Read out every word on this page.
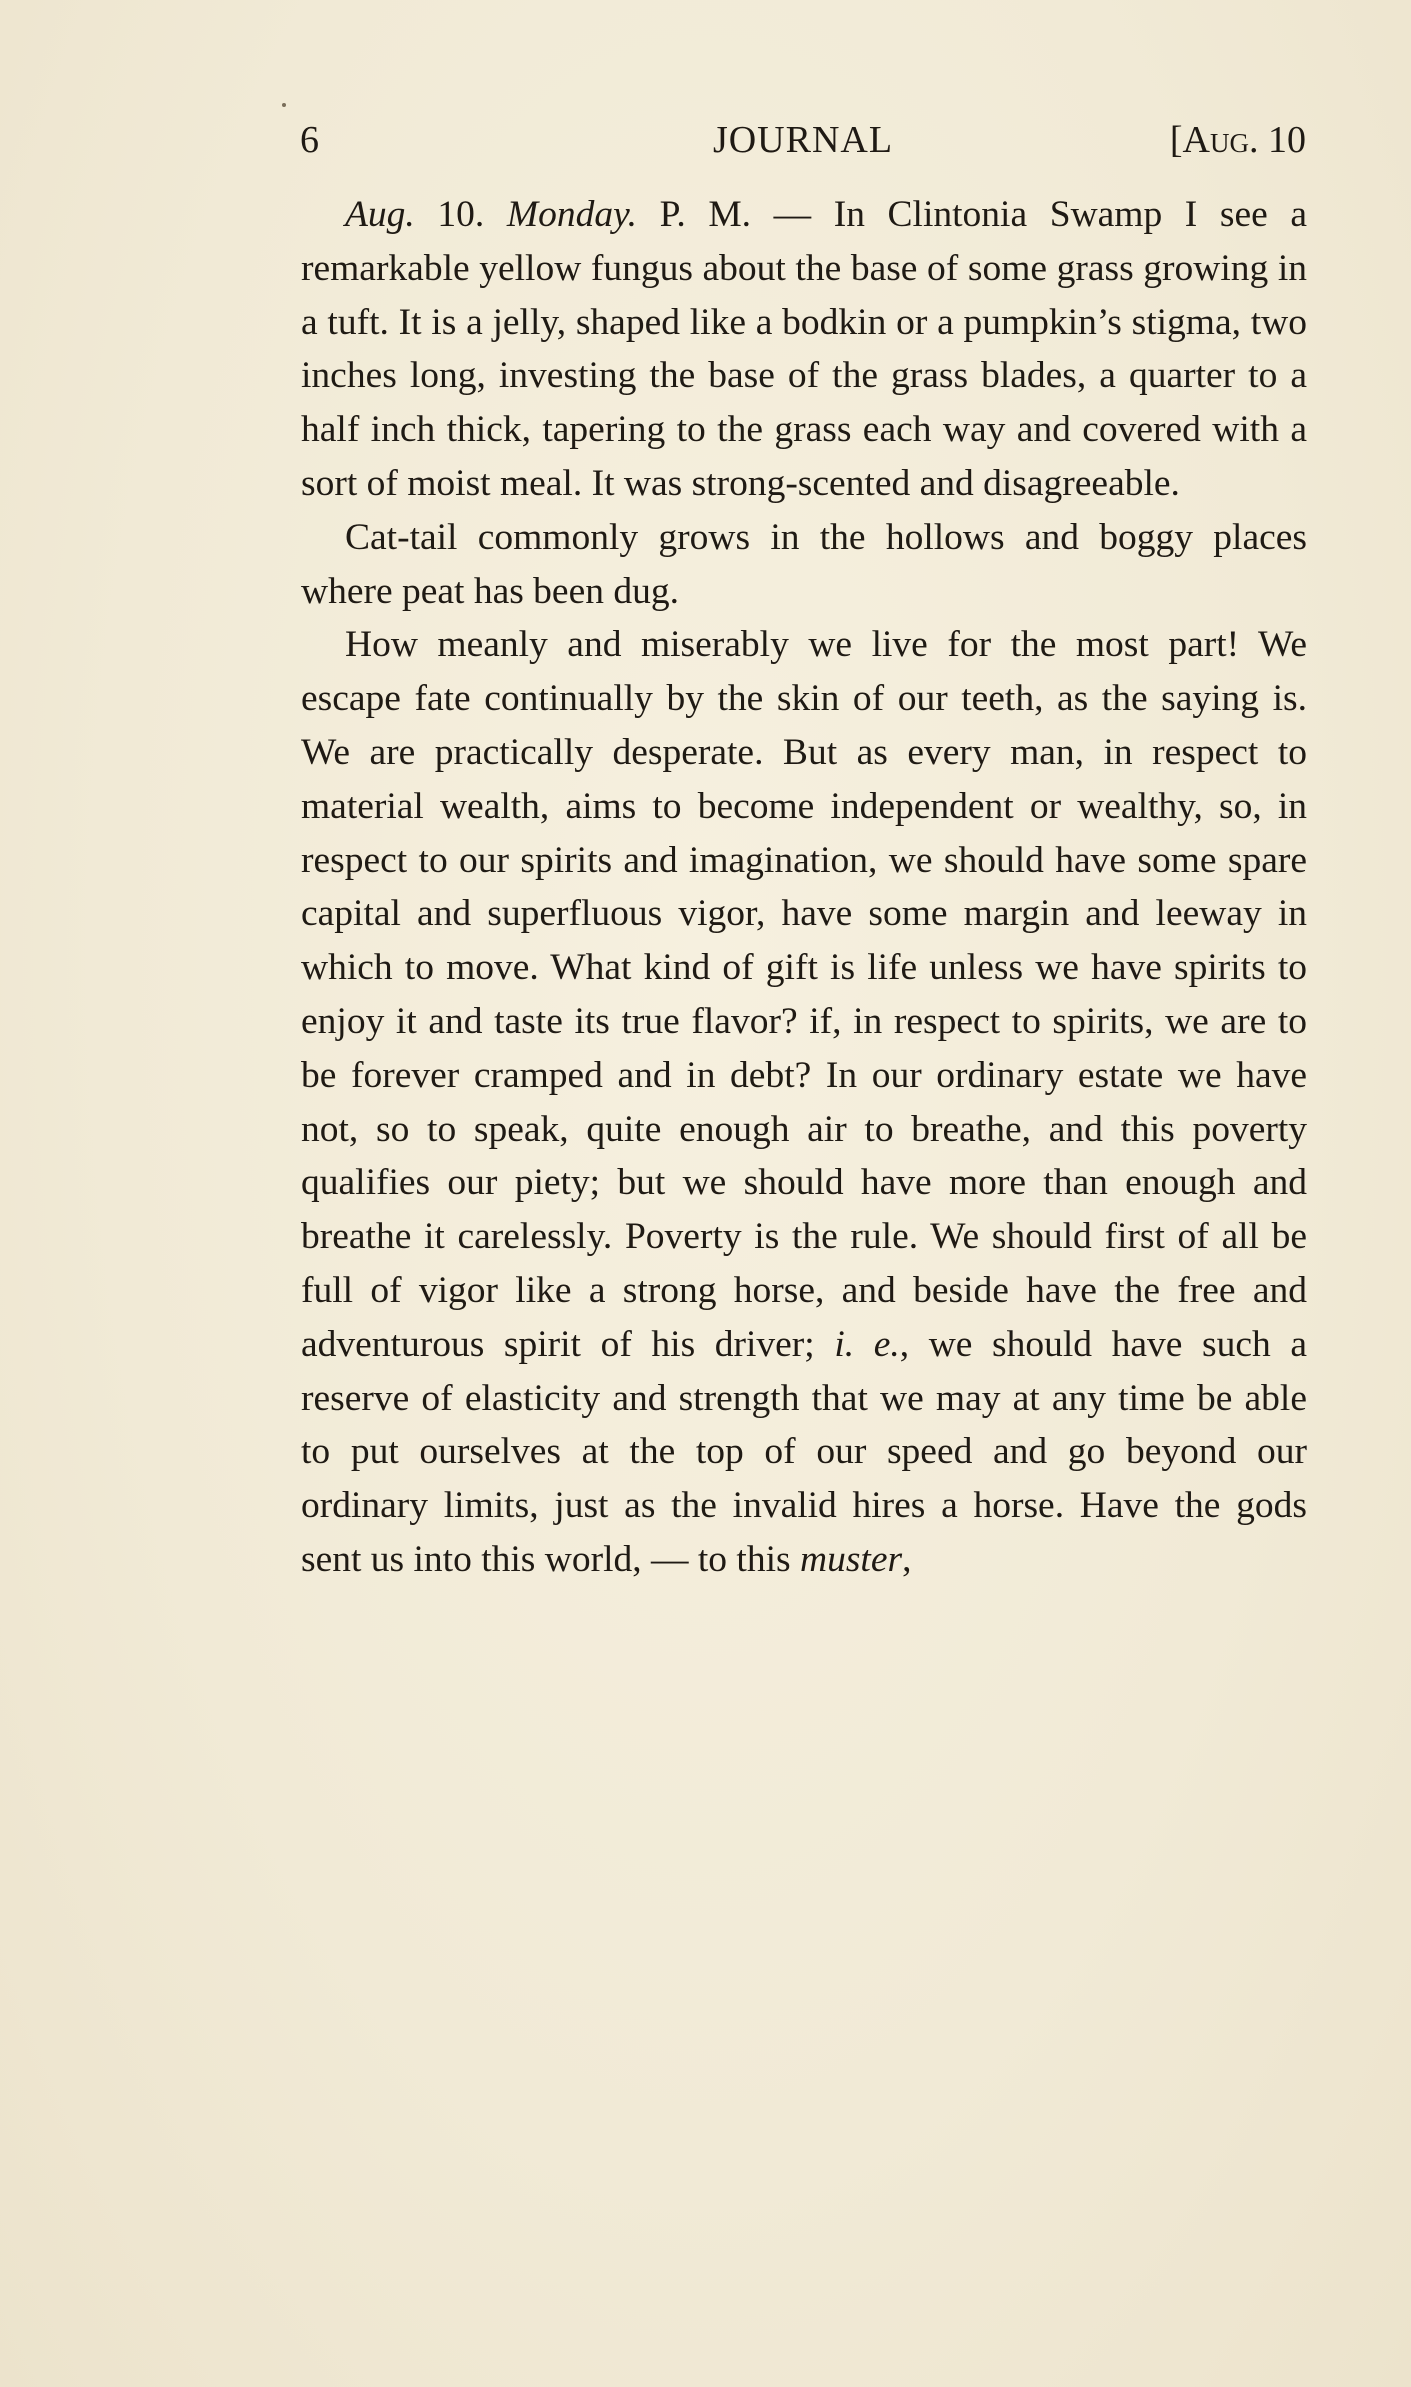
6	JOURNAL	[Aug. 10

Aug. 10. Monday. P. M. — In Clintonia Swamp I see a remarkable yellow fungus about the base of some grass growing in a tuft. It is a jelly, shaped like a bodkin or a pumpkin’s stigma, two inches long, investing the base of the grass blades, a quarter to a half inch thick, tapering to the grass each way and covered with a sort of moist meal. It was strong-scented and disagreeable.

Cat-tail commonly grows in the hollows and boggy places where peat has been dug.

How meanly and miserably we live for the most part! We escape fate continually by the skin of our teeth, as the saying is. We are practically desperate. But as every man, in respect to material wealth, aims to become independent or wealthy, so, in respect to our spirits and imagination, we should have some spare capital and superfluous vigor, have some margin and leeway in which to move. What kind of gift is life unless we have spirits to enjoy it and taste its true flavor? if, in respect to spirits, we are to be forever cramped and in debt? In our ordinary estate we have not, so to speak, quite enough air to breathe, and this poverty qualifies our piety; but we should have more than enough and breathe it carelessly. Poverty is the rule. We should first of all be full of vigor like a strong horse, and beside have the free and adventurous spirit of his driver; i. e., we should have such a reserve of elasticity and strength that we may at any time be able to put ourselves at the top of our speed and go beyond our ordinary limits, just as the invalid hires a horse. Have the gods sent us into this world, — to this muster,
